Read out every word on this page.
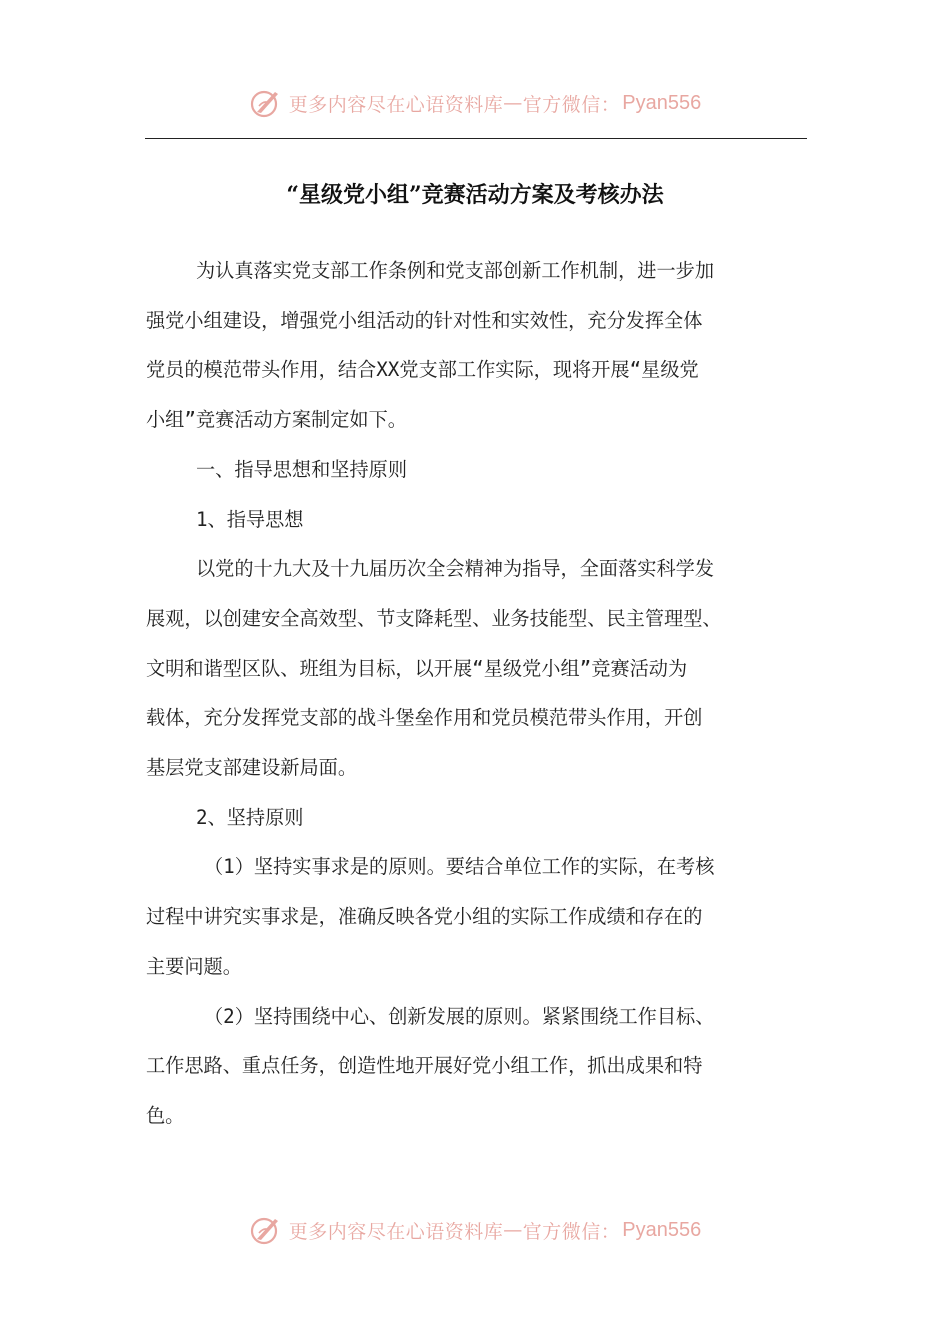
更多内容尽在心语资料库 — 官方微信： Pyan556
“星级党小组”竞赛活动方案及考核办法

为认真落实党支部工作条例和党支部创新工作机制，进一步加

强党小组建设，增强党小组活动的针对性和实效性，充分发挥全体

党员的模范带头作用，结合XX党支部工作实际，现将开展“星级党

小组”竞赛活动方案制定如下。

一、指导思想和坚持原则

1、指导思想

以党的十九大及十九届历次全会精神为指导，全面落实科学发

展观，以创建安全高效型、节支降耗型、业务技能型、民主管理型、

文明和谐型区队、班组为目标，以开展“星级党小组”竞赛活动为

载体，充分发挥党支部的战斗堡垒作用和党员模范带头作用，开创

基层党支部建设新局面。

2、坚持原则

（1）坚持实事求是的原则。要结合单位工作的实际，在考核

过程中讲究实事求是，准确反映各党小组的实际工作成绩和存在的

主要问题。

（2）坚持围绕中心、创新发展的原则。紧紧围绕工作目标、

工作思路、重点任务，创造性地开展好党小组工作，抓出成果和特

色。

更多内容尽在心语资料库 — 官方微信： Pyan556
